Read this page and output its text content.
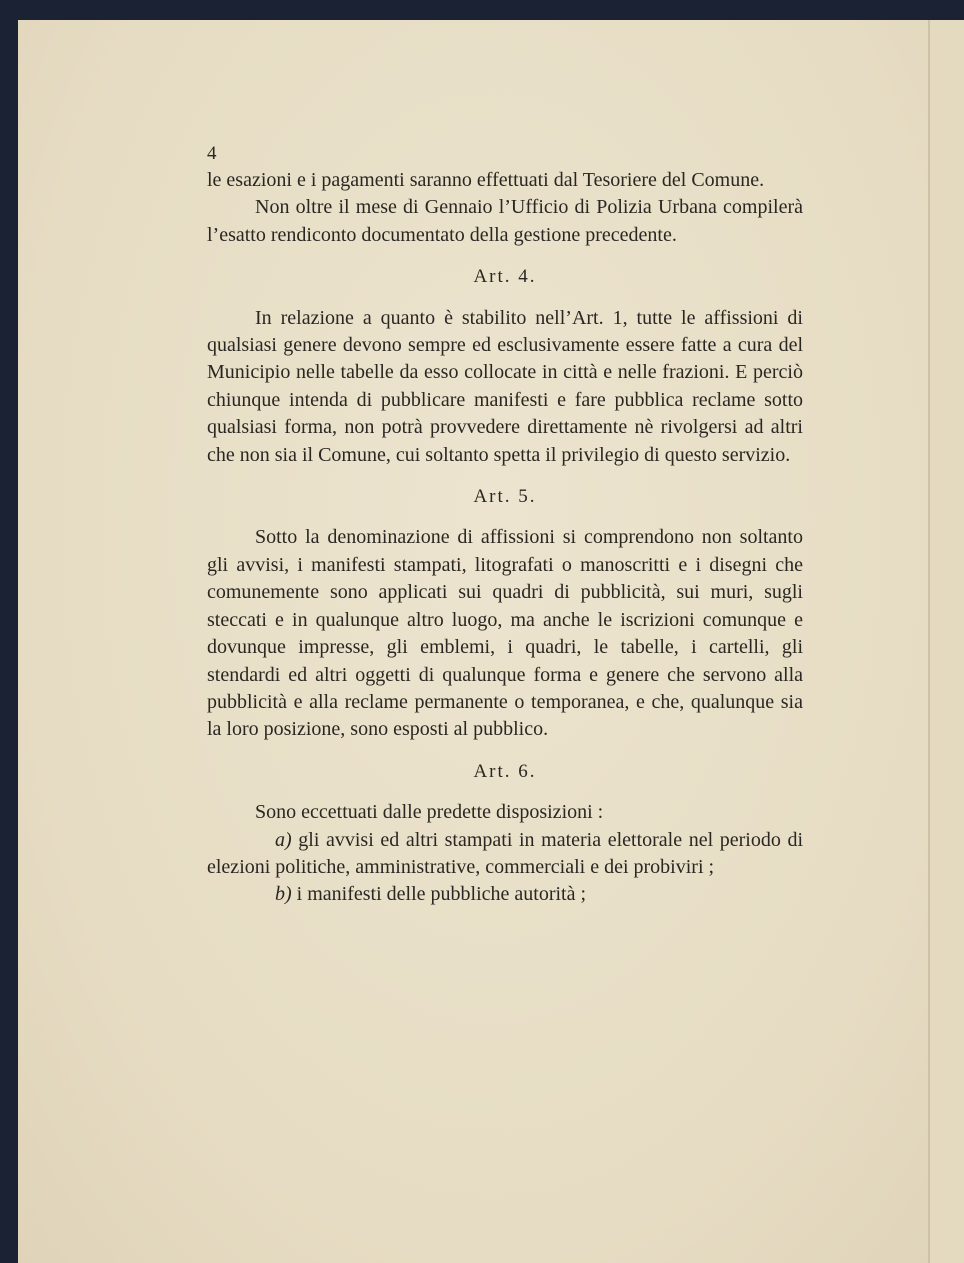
4

le esazioni e i pagamenti saranno effettuati dal Tesoriere del Comune.

Non oltre il mese di Gennaio l’Ufficio di Polizia Urbana compilerà l’esatto rendiconto documentato della gestione precedente.

Art. 4.

In relazione a quanto è stabilito nell’Art. 1, tutte le affissioni di qualsiasi genere devono sempre ed esclusivamente essere fatte a cura del Municipio nelle tabelle da esso collocate in città e nelle frazioni. E perciò chiunque intenda di pubblicare manifesti e fare pubblica reclame sotto qualsiasi forma, non potrà provvedere direttamente nè rivolgersi ad altri che non sia il Comune, cui soltanto spetta il privilegio di questo servizio.

Art. 5.

Sotto la denominazione di affissioni si comprendono non soltanto gli avvisi, i manifesti stampati, litografati o manoscritti e i disegni che comunemente sono applicati sui quadri di pubblicità, sui muri, sugli steccati e in qualunque altro luogo, ma anche le iscrizioni comunque e dovunque impresse, gli emblemi, i quadri, le tabelle, i cartelli, gli stendardi ed altri oggetti di qualunque forma e genere che servono alla pubblicità e alla reclame permanente o temporanea, e che, qualunque sia la loro posizione, sono esposti al pubblico.

Art. 6.

Sono eccettuati dalle predette disposizioni :

a) gli avvisi ed altri stampati in materia elettorale nel periodo di elezioni politiche, amministrative, commerciali e dei probiviri ;

b) i manifesti delle pubbliche autorità ;
